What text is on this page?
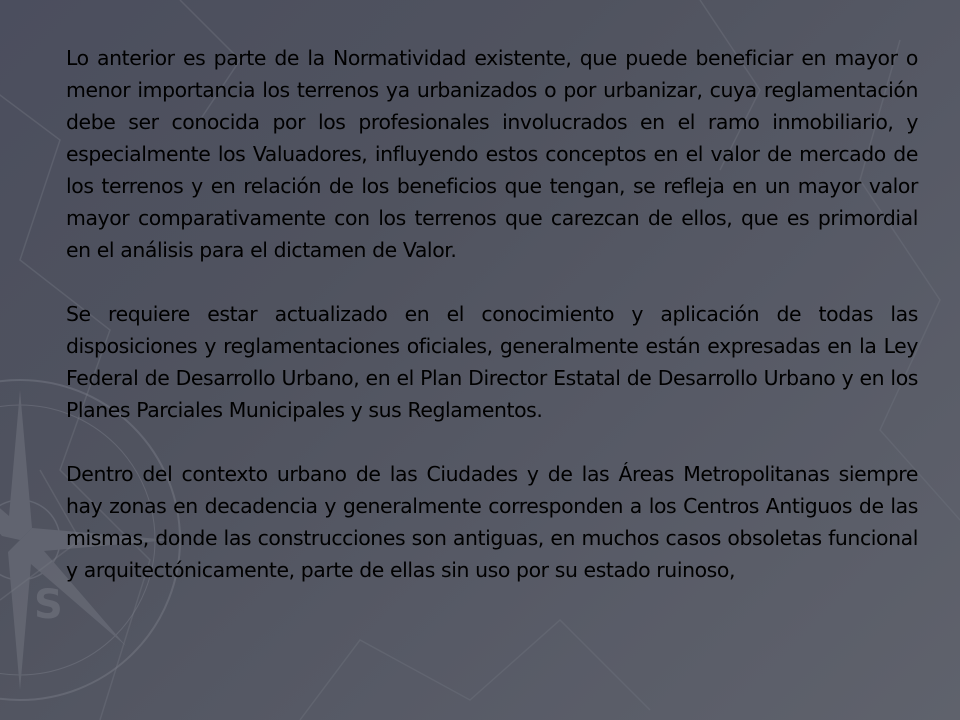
S

Lo anterior es parte de la Normatividad existente, que puede beneficiar en mayor o menor importancia los terrenos ya urbanizados o por urbanizar, cuya reglamentación debe ser conocida por los profesionales involucrados en el ramo inmobiliario, y especialmente los Valuadores, influyendo estos conceptos en el valor de mercado de los terrenos y en relación de los beneficios que tengan, se refleja en un mayor valor mayor comparativamente con los terrenos que carezcan de ellos, que es primordial en el análisis para el dictamen de Valor.

Se requiere estar actualizado en el conocimiento y aplicación de todas las disposiciones y reglamentaciones oficiales, generalmente están expresadas en la Ley Federal de Desarrollo Urbano, en el Plan Director Estatal de Desarrollo Urbano y en los Planes Parciales Municipales y sus Reglamentos.

Dentro del contexto urbano de las Ciudades y de las Áreas Metropolitanas siempre hay zonas en decadencia y generalmente corresponden a los Centros Antiguos de las mismas, donde las construcciones son antiguas, en muchos casos obsoletas funcional y arquitectónicamente, parte de ellas sin uso por su estado ruinoso,
